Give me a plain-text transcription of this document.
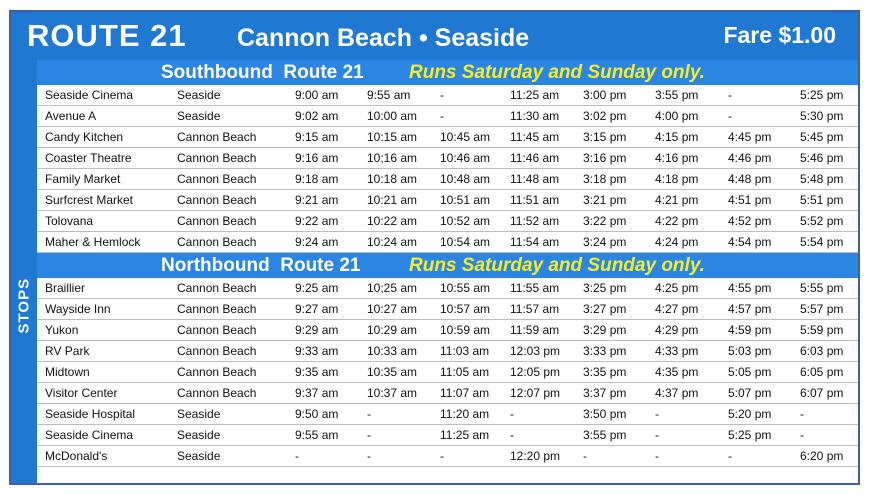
ROUTE 21 Cannon Beach • Seaside	Fare $1.00
STOPS
Southbound  Route 21 Runs Saturday and Sunday only.
Seaside Cinema	Seaside	9:00 am 9:55 am -	11:25 am 3:00 pm 3:55 pm -	5:25 pm
Avenue A	Seaside	9:02 am 10:00 am -	11:30 am 3:02 pm 4:00 pm -	5:30 pm
Candy Kitchen	Cannon Beach	9:15 am 10:15 am 10:45 am 11:45 am 3:15 pm 4:15 pm 4:45 pm 5:45 pm
Coaster Theatre	Cannon Beach	9:16 am 10;16 am 10:46 am 11:46 am 3:16 pm 4:16 pm 4:46 pm 5:46 pm
Family Market	Cannon Beach	9:18 am 10:18 am 10:48 am 11:48 am 3:18 pm 4:18 pm 4:48 pm 5:48 pm
Surfcrest Market	Cannon Beach	9:21 am 10:21 am 10:51 am 11:51 am 3:21 pm 4:21 pm 4:51 pm 5:51 pm
Tolovana	Cannon Beach	9:22 am 10:22 am 10:52 am 11:52 am 3:22 pm 4:22 pm 4:52 pm 5:52 pm
Maher & Hemlock	Cannon Beach	9:24 am 10:24 am 10:54 am 11:54 am 3:24 pm 4:24 pm 4:54 pm 5:54 pm
Northbound  Route 21	Runs Saturday and Sunday only.
Braillier	Cannon Beach	9:25 am 10;25 am 10:55 am 11:55 am 3:25 pm 4:25 pm 4:55 pm 5:55 pm
Wayside Inn	Cannon Beach	9:27 am 10:27 am 10:57 am 11:57 am 3:27 pm 4:27 pm 4:57 pm 5:57 pm
Yukon	Cannon Beach	9:29 am 10:29 am 10:59 am 11:59 am 3:29 pm 4:29 pm 4:59 pm 5:59 pm
RV Park	Cannon Beach	9:33 am 10:33 am 11:03 am 12:03 pm 3:33 pm 4:33 pm 5:03 pm 6:03 pm
Midtown	Cannon Beach	9:35 am 10:35 am 11:05 am 12:05 pm 3:35 pm 4:35 pm 5:05 pm 6:05 pm
Visitor Center	Cannon Beach	9:37 am 10:37 am 11:07 am 12:07 pm 3:37 pm 4:37 pm 5:07 pm 6:07 pm
Seaside Hospital	Seaside	9:50 am -	11:20 am -	3:50 pm -	5:20 pm -
Seaside Cinema	Seaside	9:55 am -	11:25 am -	3:55 pm -	5:25 pm -
McDonald's	Seaside	-	-	-	12:20 pm -	-	-	6:20 pm
